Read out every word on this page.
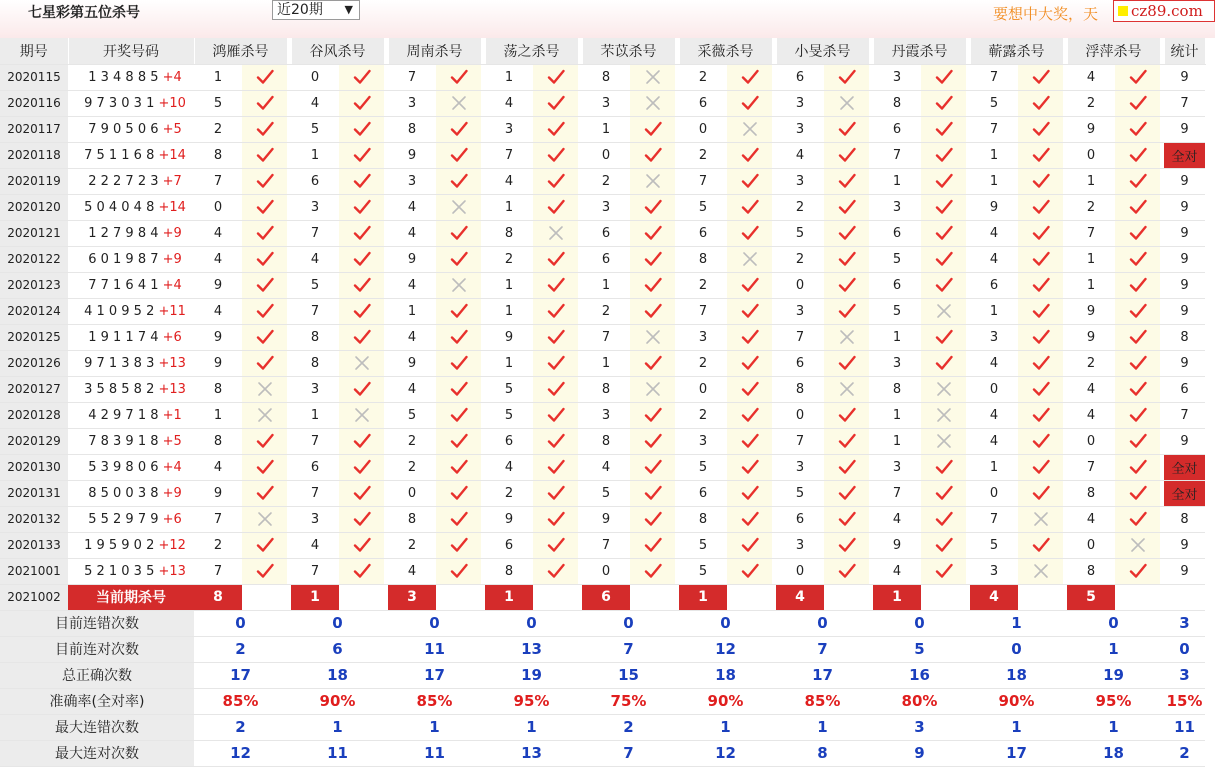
七星彩第五位杀号	近20期 ▼	要想中大奖，天 cz89.com
期号	开奖号码	鸿雁杀号			谷风杀号			周南杀号			荡之杀号			芣苡杀号			采薇杀号			小旻杀号			丹霞杀号			蕲露杀号			浮萍杀号			统计
2020115	1 3 4 8 8 5 +4	1			0			7			1			8			2			6			3			7			4			9
2020116	9 7 3 0 3 1 +10	5			4			3			4			3			6			3			8			5			2			7
2020117	7 9 0 5 0 6 +5	2			5			8			3			1			0			3			6			7			9			9
2020118	7 5 1 1 6 8 +14	8			1			9			7			0			2			4			7			1			0			全对
2020119	2 2 2 7 2 3 +7	7			6			3			4			2			7			3			1			1			1			9
2020120	5 0 4 0 4 8 +14	0			3			4			1			3			5			2			3			9			2			9
2020121	1 2 7 9 8 4 +9	4			7			4			8			6			6			5			6			4			7			9
2020122	6 0 1 9 8 7 +9	4			4			9			2			6			8			2			5			4			1			9
2020123	7 7 1 6 4 1 +4	9			5			4			1			1			2			0			6			6			1			9
2020124	4 1 0 9 5 2 +11	4			7			1			1			2			7			3			5			1			9			9
2020125	1 9 1 1 7 4 +6	9			8			4			9			7			3			7			1			3			9			8
2020126	9 7 1 3 8 3 +13	9			8			9			1			1			2			6			3			4			2			9
2020127	3 5 8 5 8 2 +13	8			3			4			5			8			0			8			8			0			4			6
2020128	4 2 9 7 1 8 +1	1			1			5			5			3			2			0			1			4			4			7
2020129	7 8 3 9 1 8 +5	8			7			2			6			8			3			7			1			4			0			9
2020130	5 3 9 8 0 6 +4	4			6			2			4			4			5			3			3			1			7			全对
2020131	8 5 0 0 3 8 +9	9			7			0			2			5			6			5			7			0			8			全对
2020132	5 5 2 9 7 9 +6	7			3			8			9			9			8			6			4			7			4			8
2020133	1 9 5 9 0 2 +12	2			4			2			6			7			5			3			9			5			0			9
2021001	5 2 1 0 3 5 +13	7			7			4			8			0			5			0			4			3			8			9
2021002	当前期杀号	8			1			3			1			6			1			4			1			4			5			
目前连错次数		0			0			0			0			0			0			0			0			1			0			3
目前连对次数		2			6			11			13			7			12			7			5			0			1			0
总正确次数		17			18			17			19			15			18			17			16			18			19			3
准确率(全对率)		85%			90%			85%			95%			75%			90%			85%			80%			90%			95%			15%
最大连错次数		2			1			1			1			2			1			1			3			1			1			11
最大连对次数		12			11			11			13			7			12			8			9			17			18			2
